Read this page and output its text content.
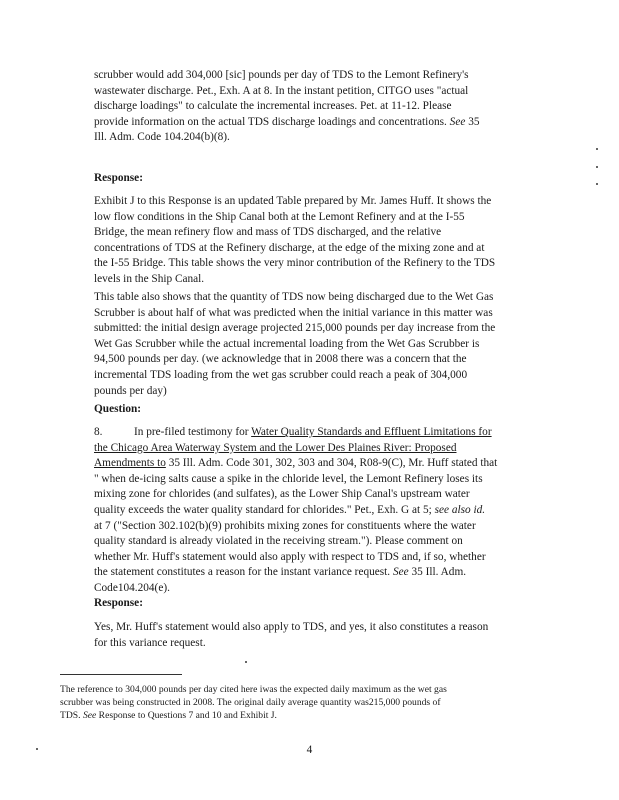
scrubber would add 304,000 [sic] pounds per day of TDS to the Lemont Refinery's
wastewater discharge. Pet., Exh. A at 8. In the instant petition, CITGO uses "actual
discharge loadings" to calculate the incremental increases. Pet. at 11-12. Please
provide information on the actual TDS discharge loadings and concentrations. See 35
Ill. Adm. Code 104.204(b)(8).

Response:

Exhibit J to this Response is an updated Table prepared by Mr. James Huff. It shows the
low flow conditions in the Ship Canal both at the Lemont Refinery and at the I-55
Bridge, the mean refinery flow and mass of TDS discharged, and the relative
concentrations of TDS at the Refinery discharge, at the edge of the mixing zone and at
the I-55 Bridge. This table shows the very minor contribution of the Refinery to the TDS
levels in the Ship Canal.

This table also shows that the quantity of TDS now being discharged due to the Wet Gas
Scrubber is about half of what was predicted when the initial variance in this matter was
submitted: the initial design average projected 215,000 pounds per day increase from the
Wet Gas Scrubber while the actual incremental loading from the Wet Gas Scrubber is
94,500 pounds per day. (we acknowledge that in 2008 there was a concern that the
incremental TDS loading from the wet gas scrubber could reach a peak of 304,000
pounds per day)

Question:

8.	In pre-filed testimony for Water Quality Standards and Effluent Limitations for
the Chicago Area Waterway System and the Lower Des Plaines River: Proposed
Amendments to 35 Ill. Adm. Code 301, 302, 303 and 304, R08-9(C), Mr. Huff stated that
" when de-icing salts cause a spike in the chloride level, the Lemont Refinery loses its
mixing zone for chlorides (and sulfates), as the Lower Ship Canal's upstream water
quality exceeds the water quality standard for chlorides." Pet., Exh. G at 5; see also id.
at 7 ("Section 302.102(b)(9) prohibits mixing zones for constituents where the water
quality standard is already violated in the receiving stream."). Please comment on
whether Mr. Huff's statement would also apply with respect to TDS and, if so, whether
the statement constitutes a reason for the instant variance request. See 35 Ill. Adm.
Code104.204(e).

Response:

Yes, Mr. Huff's statement would also apply to TDS, and yes, it also constitutes a reason
for this variance request.

The reference to 304,000 pounds per day cited here iwas the expected daily maximum as the wet gas
scrubber was being constructed in 2008. The original daily average quantity was215,000 pounds of
TDS. See Response to Questions 7 and 10 and Exhibit J.

4
